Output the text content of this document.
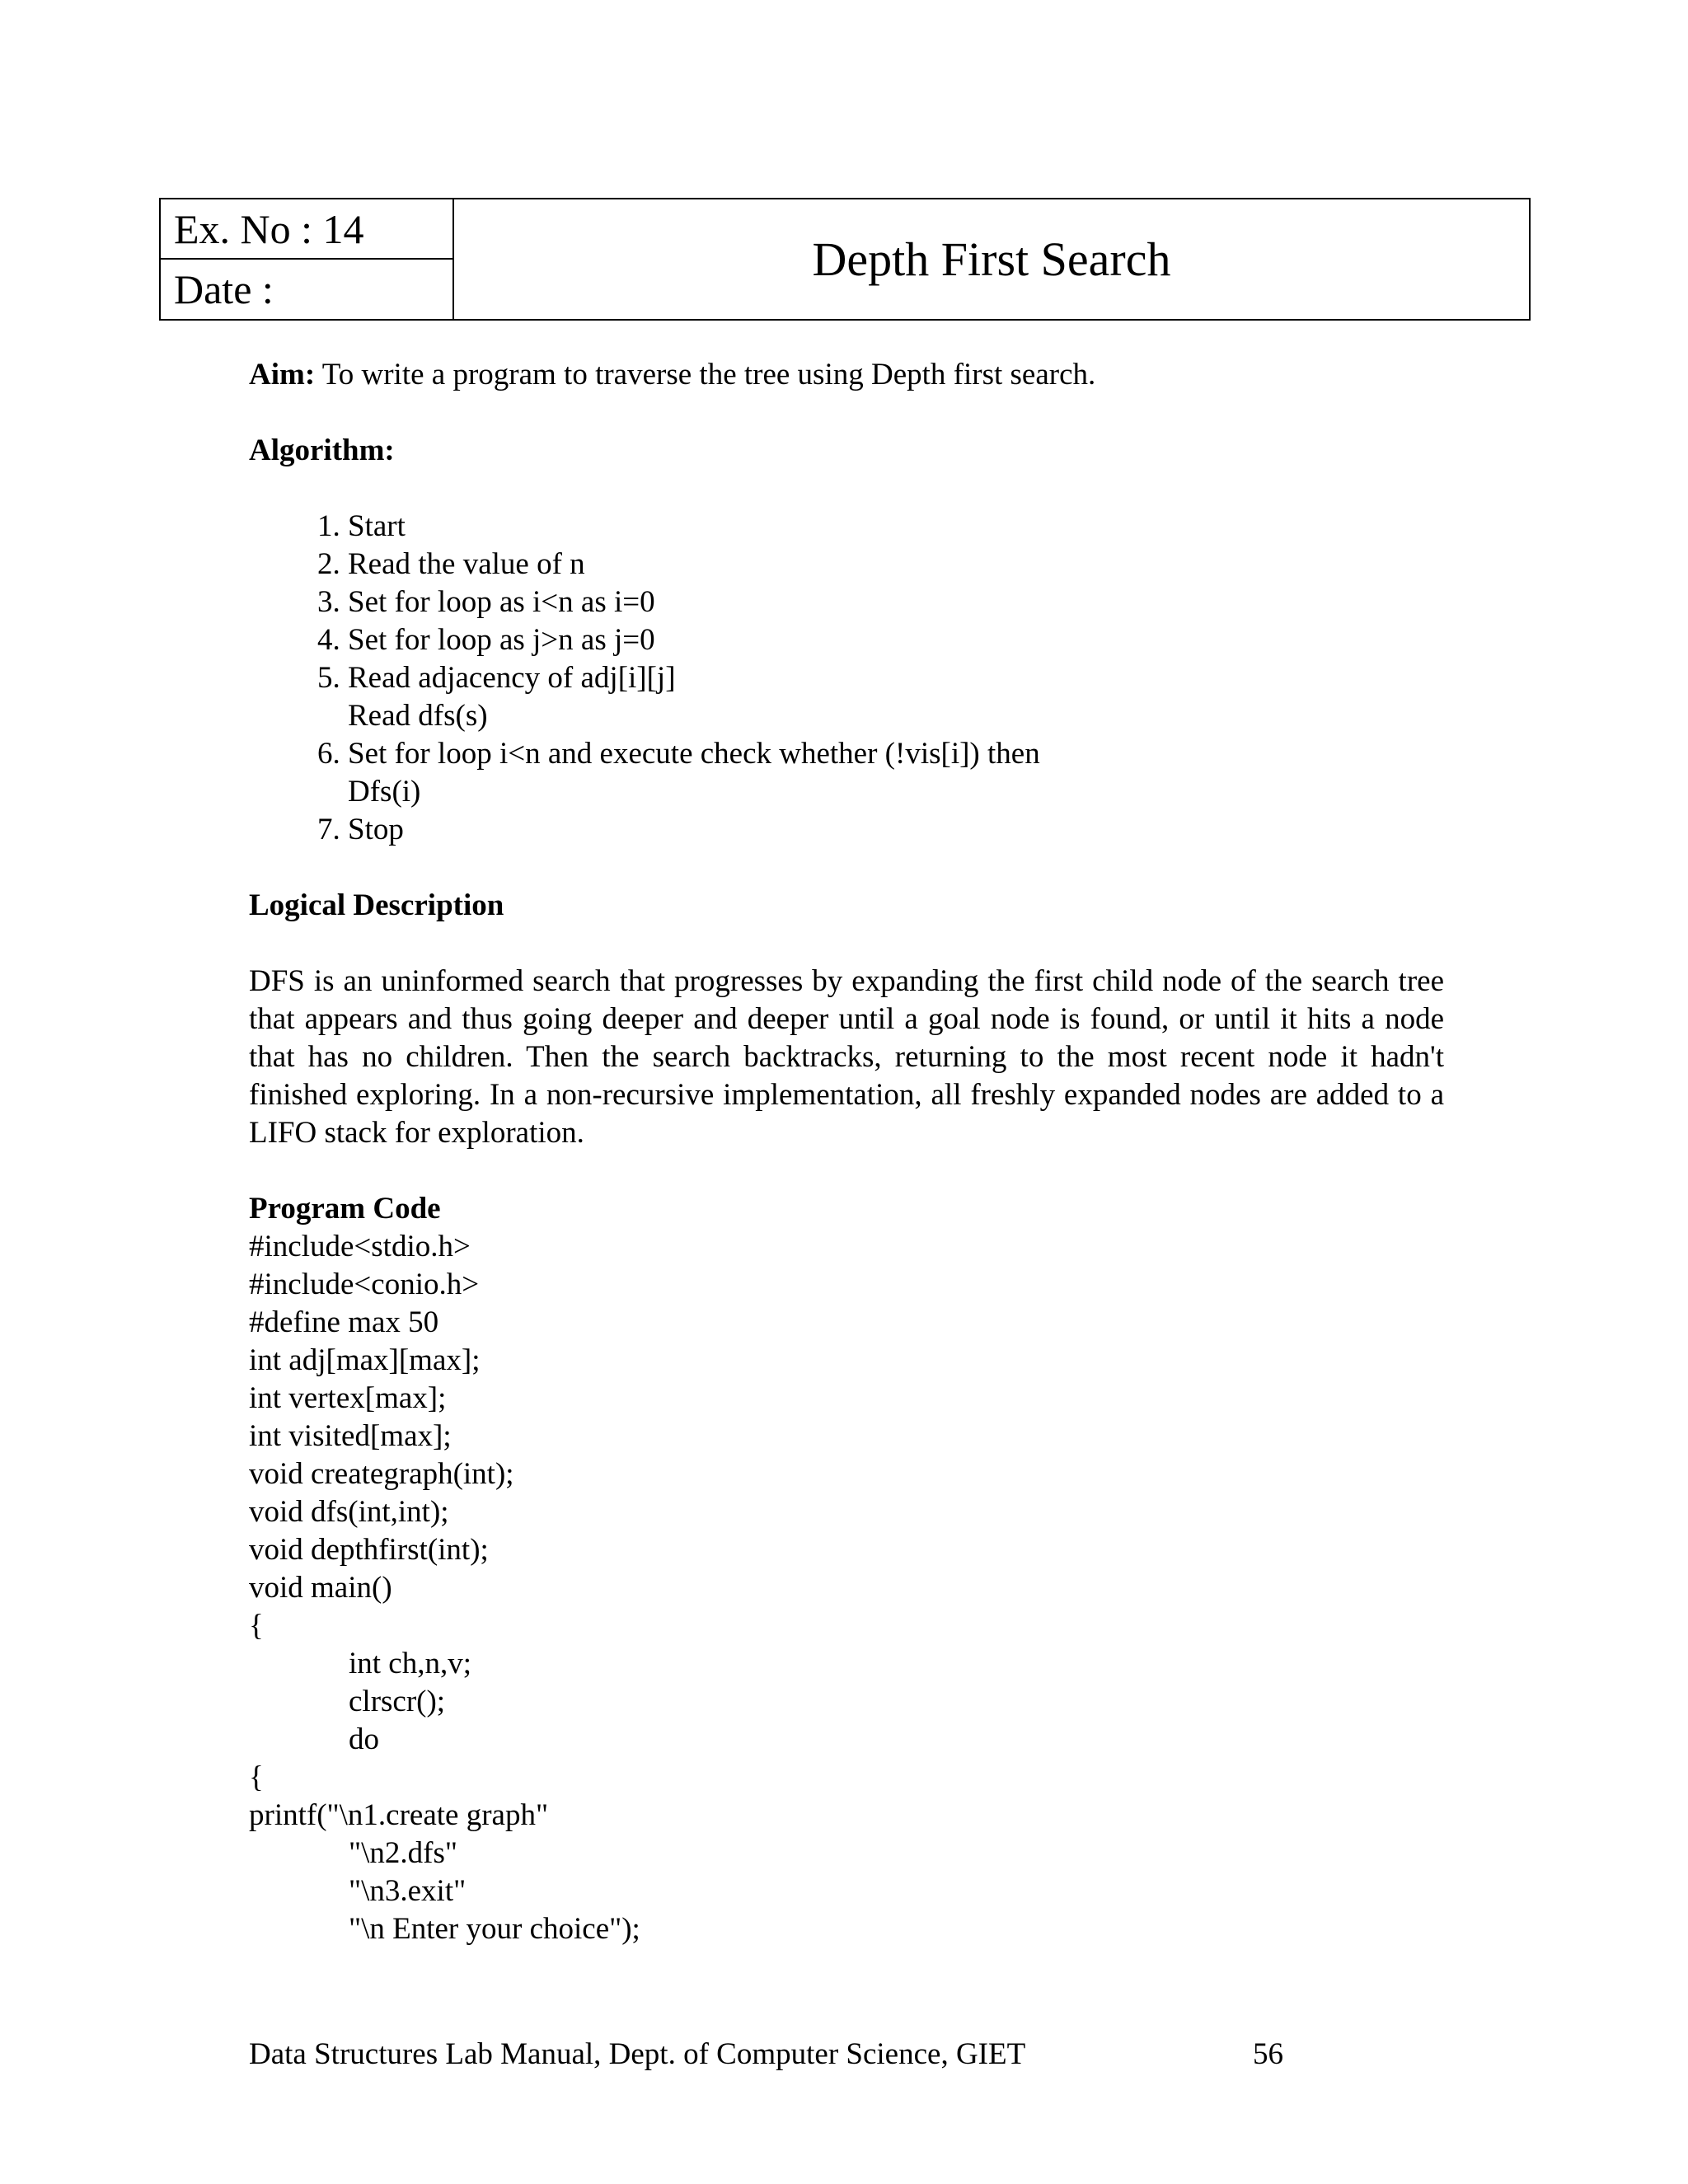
Ex. No : 14
Date :
Depth First Search

Aim: To write a program to traverse the tree using Depth first search.

Algorithm:

1. Start
2. Read the value of n
3. Set for loop as i<n as i=0
4. Set for loop as j>n as j=0
5. Read adjacency of adj[i][j]
Read dfs(s)
6. Set for loop i<n and execute check whether (!vis[i]) then
Dfs(i)
7. Stop

Logical Description

DFS is an uninformed search that progresses by expanding the first child node of the search tree that appears and thus going deeper and deeper until a goal node is found, or until it hits a node that has no children. Then the search backtracks, returning to the most recent node it hadn't finished exploring. In a non-recursive implementation, all freshly expanded nodes are added to a LIFO stack for exploration.

Program Code

#include<stdio.h>
#include<conio.h>
#define max 50
int adj[max][max];
int vertex[max];
int visited[max];
void creategraph(int);
void dfs(int,int);
void depthfirst(int);
void main()
{
int ch,n,v;
clrscr();
do
{
printf("\n1.create graph"
"\n2.dfs"
"\n3.exit"
"\n Enter your choice");
Data Structures Lab Manual, Dept. of Computer Science, GIET	56
